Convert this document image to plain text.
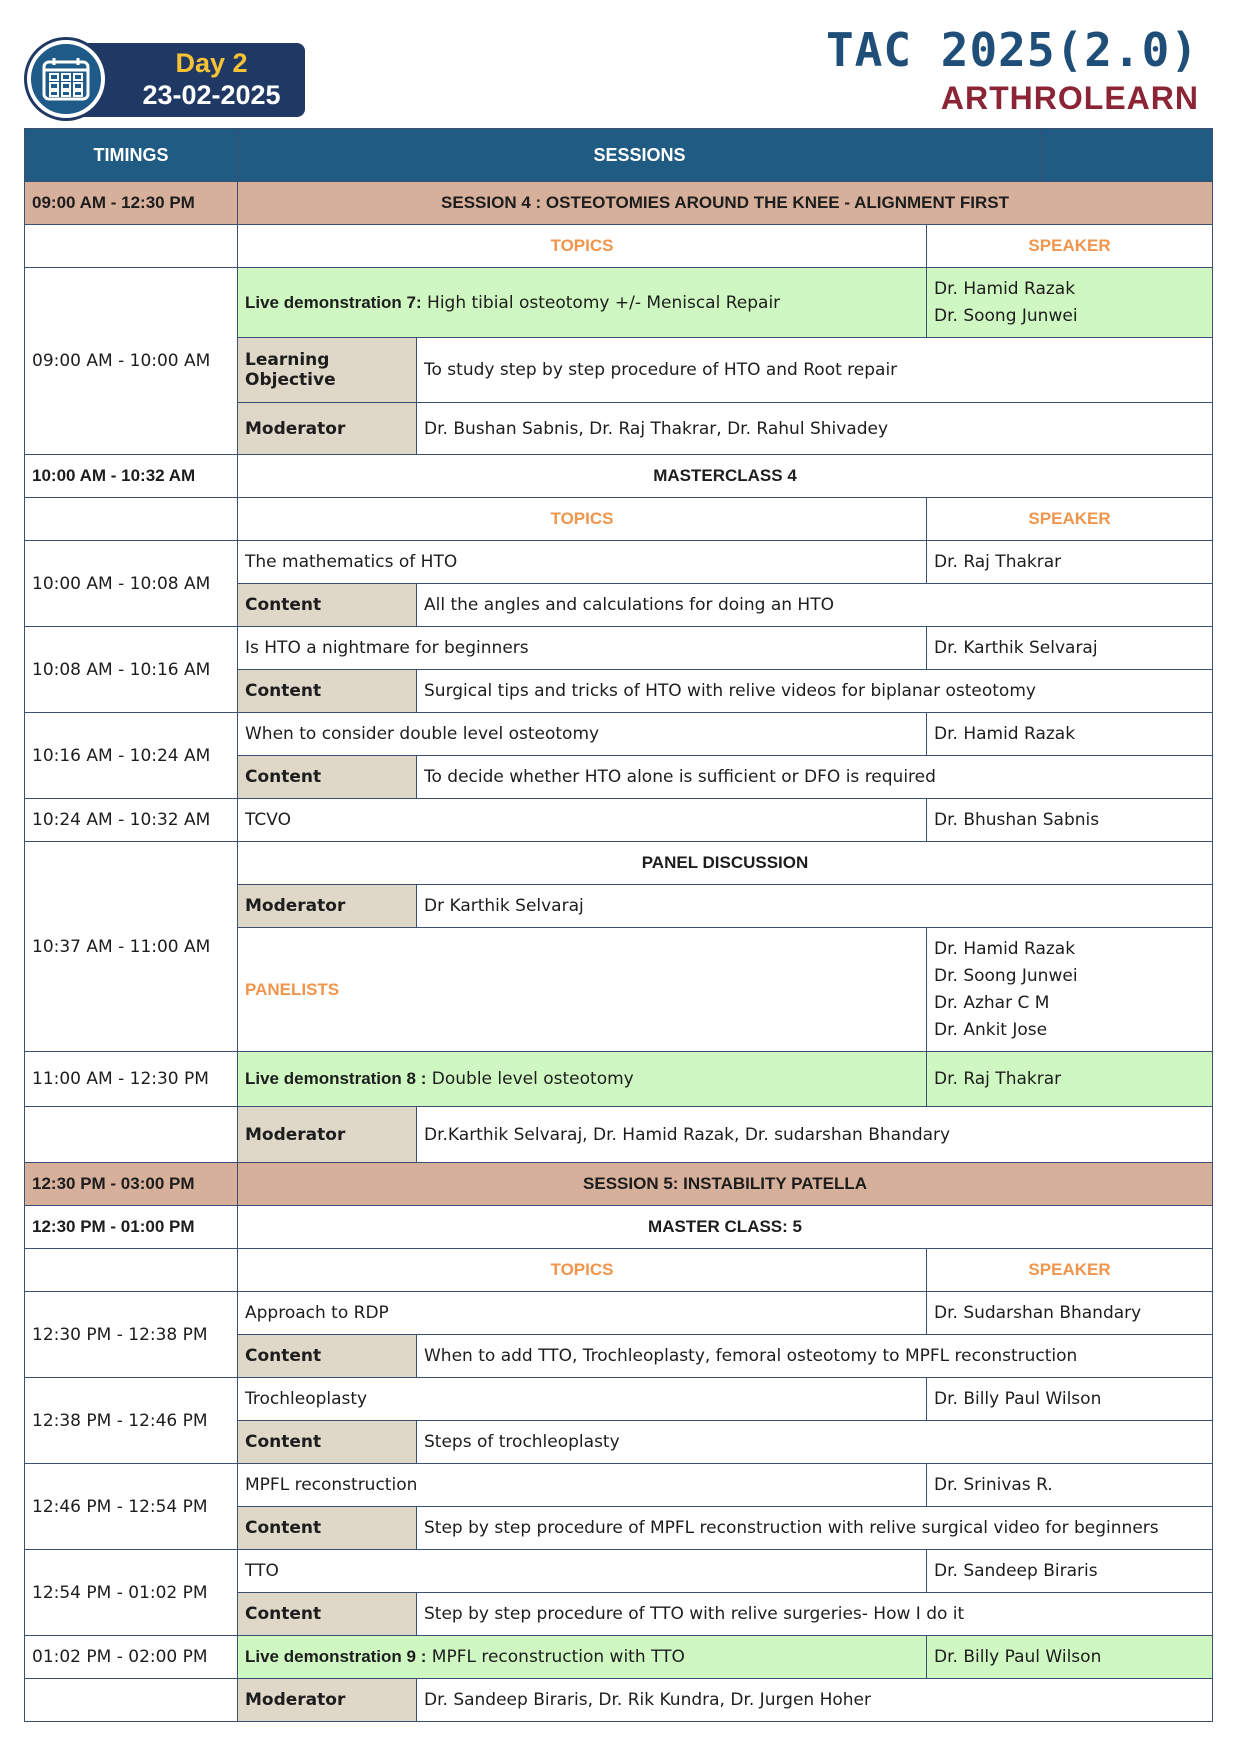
Day 2
23-02-2025
TAC 2025(2.0)
ARTHROLEARN
TIMINGS	SESSIONS		

09:00 AM - 12:30 PM	SESSION 4 : OSTEOTOMIES AROUND THE KNEE - ALIGNMENT FIRST		
	TOPICS		SPEAKER
09:00 AM - 10:00 AM	Live demonstration 7: High tibial osteotomy +/- Meniscal Repair		Dr. Hamid Razak
Dr. Soong Junwei

	Learning Objective	To study step by step procedure of HTO and Root repair	
	Moderator	Dr. Bushan Sabnis, Dr. Raj Thakrar, Dr. Rahul Shivadey	
10:00 AM - 10:32 AM	MASTERCLASS 4		
	TOPICS		SPEAKER
10:00 AM - 10:08 AM	The mathematics of HTO		Dr. Raj Thakrar
	Content	All the angles and calculations for doing an HTO	
10:08 AM - 10:16 AM	Is HTO a nightmare for beginners		Dr. Karthik Selvaraj
	Content	Surgical tips and tricks of HTO with relive videos for biplanar osteotomy	
10:16 AM - 10:24 AM	When to consider double level osteotomy		Dr. Hamid Razak
	Content	To decide whether HTO alone is sufficient or DFO is required	
10:24 AM - 10:32 AM	TCVO		Dr. Bhushan Sabnis
10:37 AM - 11:00 AM	PANEL DISCUSSION		
	Moderator	Dr Karthik Selvaraj	
	PANELISTS		Dr. Hamid Razak
Dr. Soong Junwei
Dr. Azhar C M
Dr. Ankit Jose

11:00 AM - 12:30 PM	Live demonstration 8 : Double level osteotomy		Dr. Raj Thakrar
	Moderator	Dr.Karthik Selvaraj, Dr. Hamid Razak, Dr. sudarshan Bhandary	
12:30 PM - 03:00 PM	SESSION 5: INSTABILITY PATELLA		
12:30 PM - 01:00 PM	MASTER CLASS: 5		
	TOPICS		SPEAKER
12:30 PM - 12:38 PM	Approach to RDP		Dr. Sudarshan Bhandary
	Content	When to add TTO, Trochleoplasty, femoral osteotomy to MPFL reconstruction	
12:38 PM - 12:46 PM	Trochleoplasty		Dr. Billy Paul Wilson
	Content	Steps of trochleoplasty	
12:46 PM - 12:54 PM	MPFL reconstruction		Dr. Srinivas R.
	Content	Step by step procedure of MPFL reconstruction with relive surgical video for beginners	
12:54 PM - 01:02 PM	TTO		Dr. Sandeep Biraris
	Content	Step by step procedure of TTO with relive surgeries- How I do it	
01:02 PM - 02:00 PM	Live demonstration 9 : MPFL reconstruction with TTO		Dr. Billy Paul Wilson
	Moderator	Dr. Sandeep Biraris, Dr. Rik Kundra, Dr. Jurgen Hoher	
